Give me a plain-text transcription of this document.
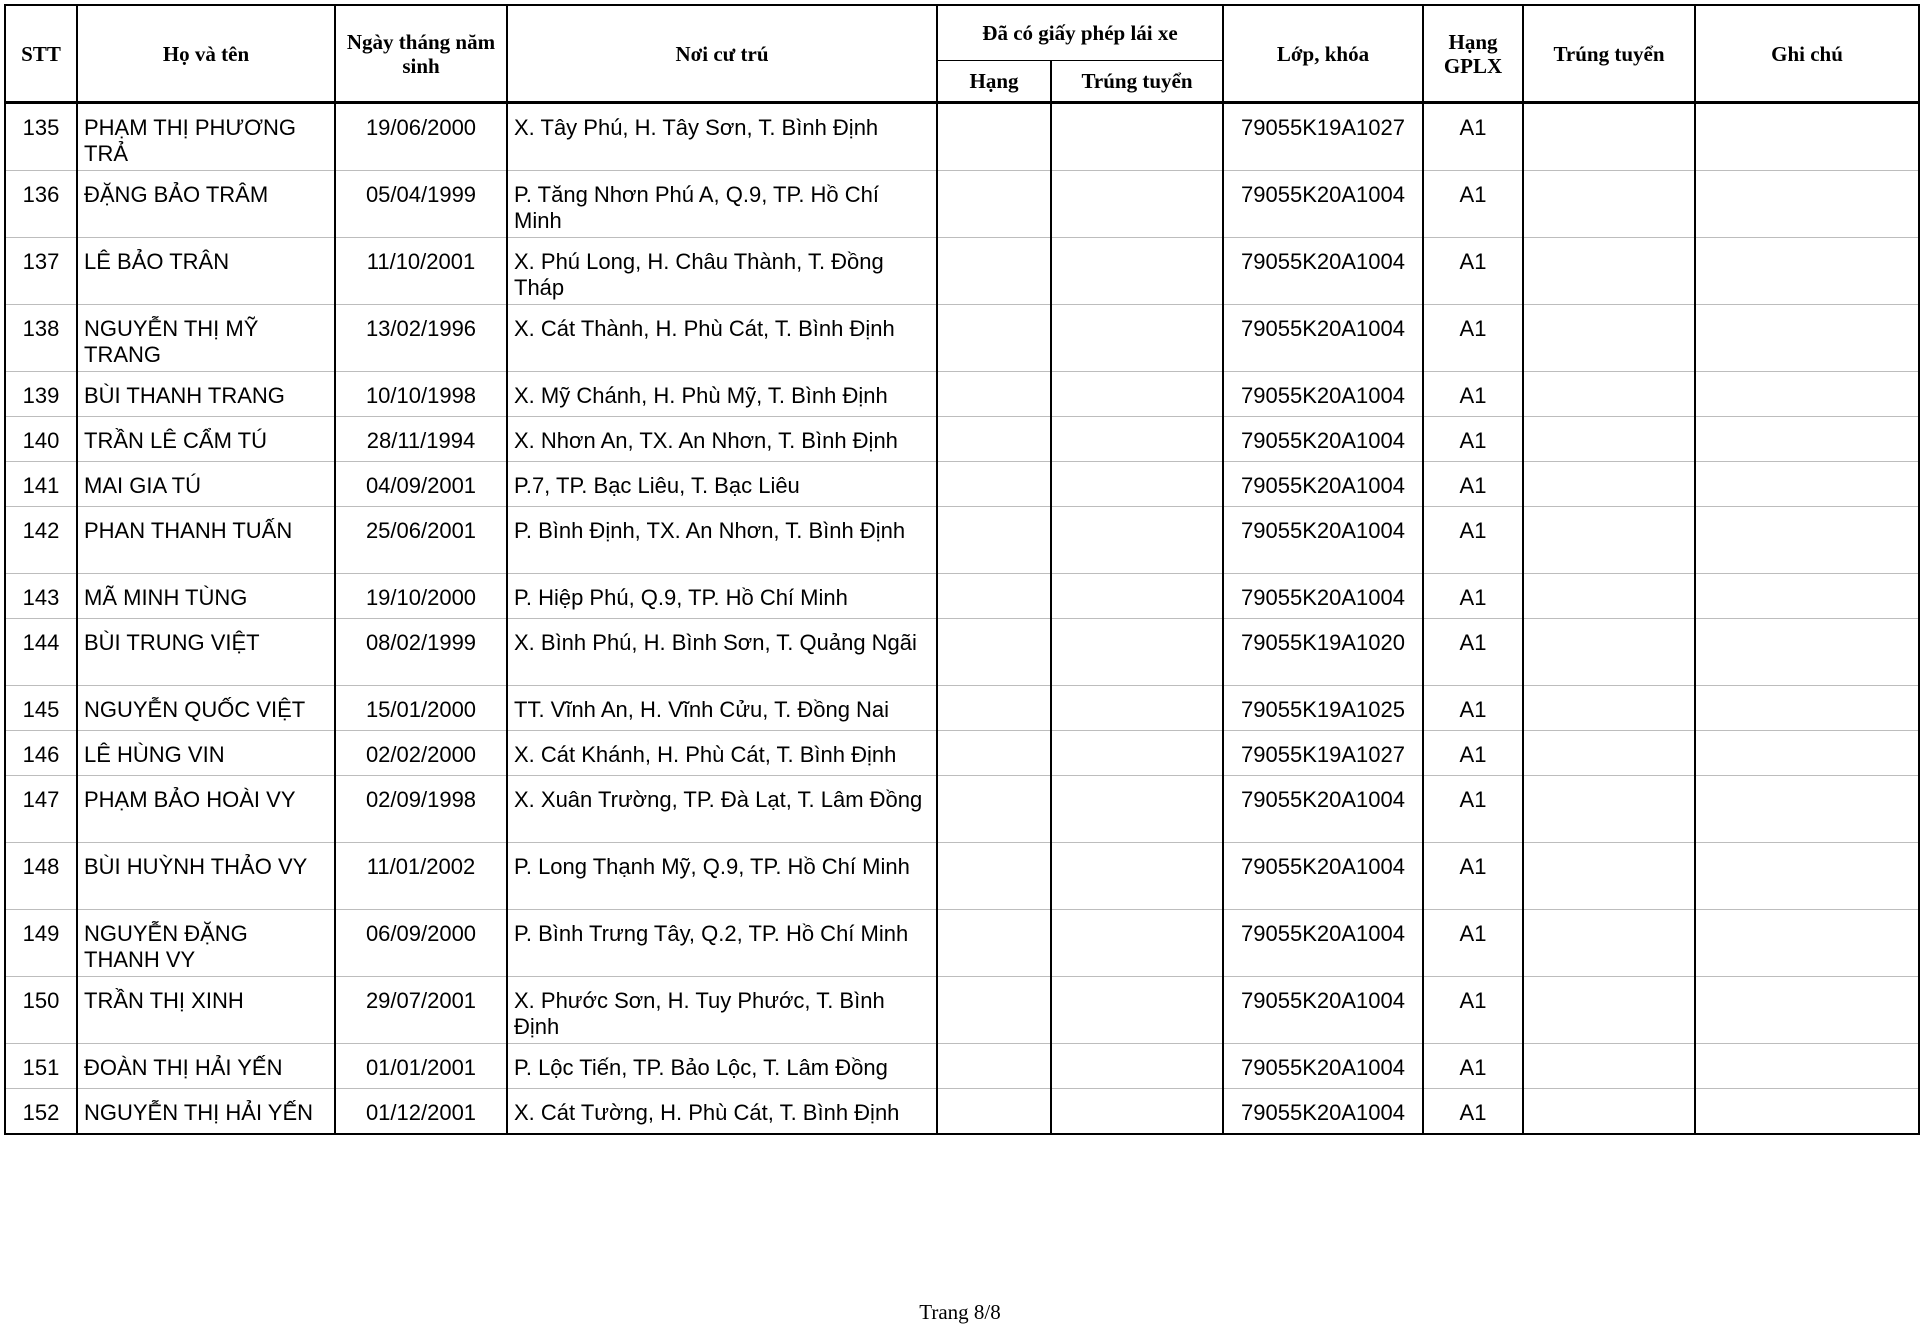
STT	Họ và tên	Ngày tháng năm sinh	Nơi cư trú	Đã có giấy phép lái xe		Lớp, khóa	Hạng GPLX	Trúng tuyển	Ghi chú
				Hạng	Trúng tuyển				
135	PHẠM THỊ PHƯƠNG TRẢ	19/06/2000	X. Tây Phú, H. Tây Sơn, T. Bình Định			79055K19A1027	A1		
136	ĐẶNG BẢO TRÂM	05/04/1999	P. Tăng Nhơn Phú A, Q.9, TP. Hồ Chí Minh			79055K20A1004	A1		
137	LÊ BẢO TRÂN	11/10/2001	X. Phú Long, H. Châu Thành, T. Đồng Tháp			79055K20A1004	A1		
138	NGUYỄN THỊ MỸ TRANG	13/02/1996	X. Cát Thành, H. Phù Cát, T. Bình Định			79055K20A1004	A1		
139	BÙI THANH TRANG	10/10/1998	X. Mỹ Chánh, H. Phù Mỹ, T. Bình Định			79055K20A1004	A1		
140	TRẦN LÊ CẨM TÚ	28/11/1994	X. Nhơn An, TX. An Nhơn, T. Bình Định			79055K20A1004	A1		
141	MAI GIA TÚ	04/09/2001	P.7, TP. Bạc Liêu, T. Bạc Liêu			79055K20A1004	A1		
142	PHAN THANH TUẤN	25/06/2001	P. Bình Định, TX. An Nhơn, T. Bình Định			79055K20A1004	A1		
143	MÃ MINH TÙNG	19/10/2000	P. Hiệp Phú, Q.9, TP. Hồ Chí Minh			79055K20A1004	A1		
144	BÙI TRUNG VIỆT	08/02/1999	X. Bình Phú, H. Bình Sơn, T. Quảng Ngãi			79055K19A1020	A1		
145	NGUYỄN QUỐC VIỆT	15/01/2000	TT. Vĩnh An, H. Vĩnh Cửu, T. Đồng Nai			79055K19A1025	A1		
146	LÊ HÙNG VIN	02/02/2000	X. Cát Khánh, H. Phù Cát, T. Bình Định			79055K19A1027	A1		
147	PHẠM BẢO HOÀI VY	02/09/1998	X. Xuân Trường, TP. Đà Lạt, T. Lâm Đồng			79055K20A1004	A1		
148	BÙI HUỲNH THẢO VY	11/01/2002	P. Long Thạnh Mỹ, Q.9, TP. Hồ Chí Minh			79055K20A1004	A1		
149	NGUYỄN ĐẶNG THANH VY	06/09/2000	P. Bình Trưng Tây, Q.2, TP. Hồ Chí Minh			79055K20A1004	A1		
150	TRẦN THỊ XINH	29/07/2001	X. Phước Sơn, H. Tuy Phước, T. Bình Định			79055K20A1004	A1		
151	ĐOÀN THỊ HẢI YẾN	01/01/2001	P. Lộc Tiến, TP. Bảo Lộc, T. Lâm Đồng			79055K20A1004	A1		
152	NGUYỄN THỊ HẢI YẾN	01/12/2001	X. Cát Tường, H. Phù Cát, T. Bình Định			79055K20A1004	A1		
Trang 8/8
